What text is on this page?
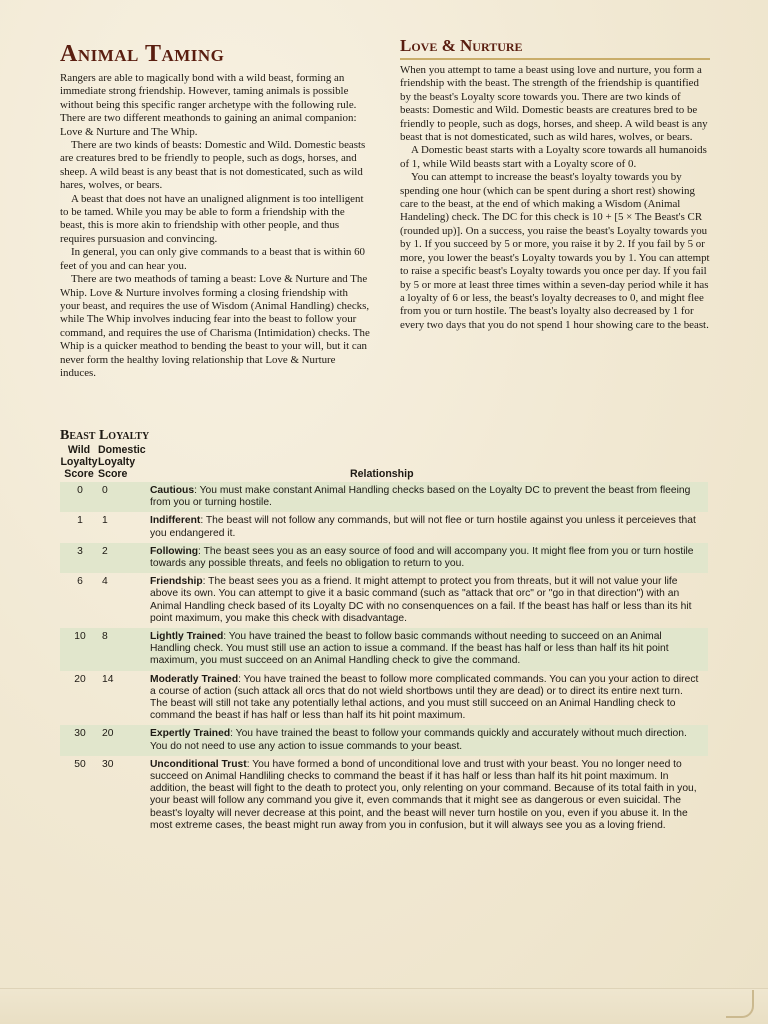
Animal Taming

Rangers are able to magically bond with a wild beast, forming an immediate strong friendship. However, taming animals is possible without being this specific ranger archetype with the following rule. There are two different meathonds to gaining an animal companion: Love & Nurture and The Whip.

There are two kinds of beasts: Domestic and Wild. Domestic beasts are creatures bred to be friendly to people, such as dogs, horses, and sheep. A wild beast is any beast that is not domesticated, such as wild hares, wolves, or bears.

A beast that does not have an unaligned alignment is too intelligent to be tamed. While you may be able to form a friendship with the beast, this is more akin to friendship with other people, and thus requires pursuasion and convincing.

In general, you can only give commands to a beast that is within 60 feet of you and can hear you.

There are two meathods of taming a beast: Love & Nurture and The Whip. Love & Nurture involves forming a closing friendship with your beast, and requires the use of Wisdom (Animal Handling) checks, while The Whip involves inducing fear into the beast to follow your command, and requires the use of Charisma (Intimidation) checks. The Whip is a quicker meathod to bending the beast to your will, but it can never form the healthy loving relationship that Love & Nurture induces.

Love & Nurture

When you attempt to tame a beast using love and nurture, you form a friendship with the beast. The strength of the friendship is quantified by the beast's Loyalty score towards you. There are two kinds of beasts: Domestic and Wild. Domestic beasts are creatures bred to be friendly to people, such as dogs, horses, and sheep. A wild beast is any beast that is not domesticated, such as wild hares, wolves, or bears.

A Domestic beast starts with a Loyalty score towards all humanoids of 1, while Wild beasts start with a Loyalty score of 0.

You can attempt to increase the beast's loyalty towards you by spending one hour (which can be spent during a short rest) showing care to the beast, at the end of which making a Wisdom (Animal Handeling) check. The DC for this check is 10 + [5 × The Beast's CR (rounded up)]. On a success, you raise the beast's Loyalty towards you by 1. If you succeed by 5 or more, you raise it by 2. If you fail by 5 or more, you lower the beast's Loyalty towards you by 1. You can attempt to raise a specific beast's Loyalty towards you once per day. If you fail by 5 or more at least three times within a seven-day period while it has a loyalty of 6 or less, the beast's loyalty decreases to 0, and might flee from you or turn hostile. The beast's loyalty also decreased by 1 for every two days that you do not spend 1 hour showing care to the beast.

Beast Loyalty
Wild
Loyalty
Score	Domestic
Loyalty
Score	Relationship
0	0	Cautious: You must make constant Animal Handling checks based on the Loyalty DC to prevent the beast from fleeing from you or turning hostile.
1	1	Indifferent: The beast will not follow any commands, but will not flee or turn hostile against you unless it perceieves that you endangered it.
3	2	Following: The beast sees you as an easy source of food and will accompany you. It might flee from you or turn hostile towards any possible threats, and feels no obligation to return to you.
6	4	Friendship: The beast sees you as a friend. It might attempt to protect you from threats, but it will not value your life above its own. You can attempt to give it a basic command (such as "attack that orc" or "go in that direction") with an Animal Handling check based of its Loyalty DC with no consenquences on a fail. If the beast has half or less than its hit point maximum, you make this check with disadvantage.
10	8	Lightly Trained: You have trained the beast to follow basic commands without needing to succeed on an Animal Handling check. You must still use an action to issue a command. If the beast has half or less than half its hit point maximum, you must succeed on an Animal Handling check to give the command.
20	14	Moderatly Trained: You have trained the beast to follow more complicated commands. You can you your action to direct a course of action (such attack all orcs that do not wield shortbows until they are dead) or to direct its entire next turn. The beast will still not take any potentially lethal actions, and you must still succeed on an Animal Handling check to command the beast if has half or less than half its hit point maximum.
30	20	Expertly Trained: You have trained the beast to follow your commands quickly and accurately without much direction. You do not need to use any action to issue commands to your beast.
50	30	Unconditional Trust: You have formed a bond of unconditional love and trust with your beast. You no longer need to succeed on Animal Handliling checks to command the beast if it has half or less than half its hit point maximum. In addition, the beast will fight to the death to protect you, only relenting on your command. Because of its total faith in you, your beast will follow any command you give it, even commands that it might see as dangerous or even suicidal. The beast's loyalty will never decrease at this point, and the beast will never turn hostile on you, even if you abuse it. In the most extreme cases, the beast might run away from you in confusion, but it will always see you as a loving friend.
